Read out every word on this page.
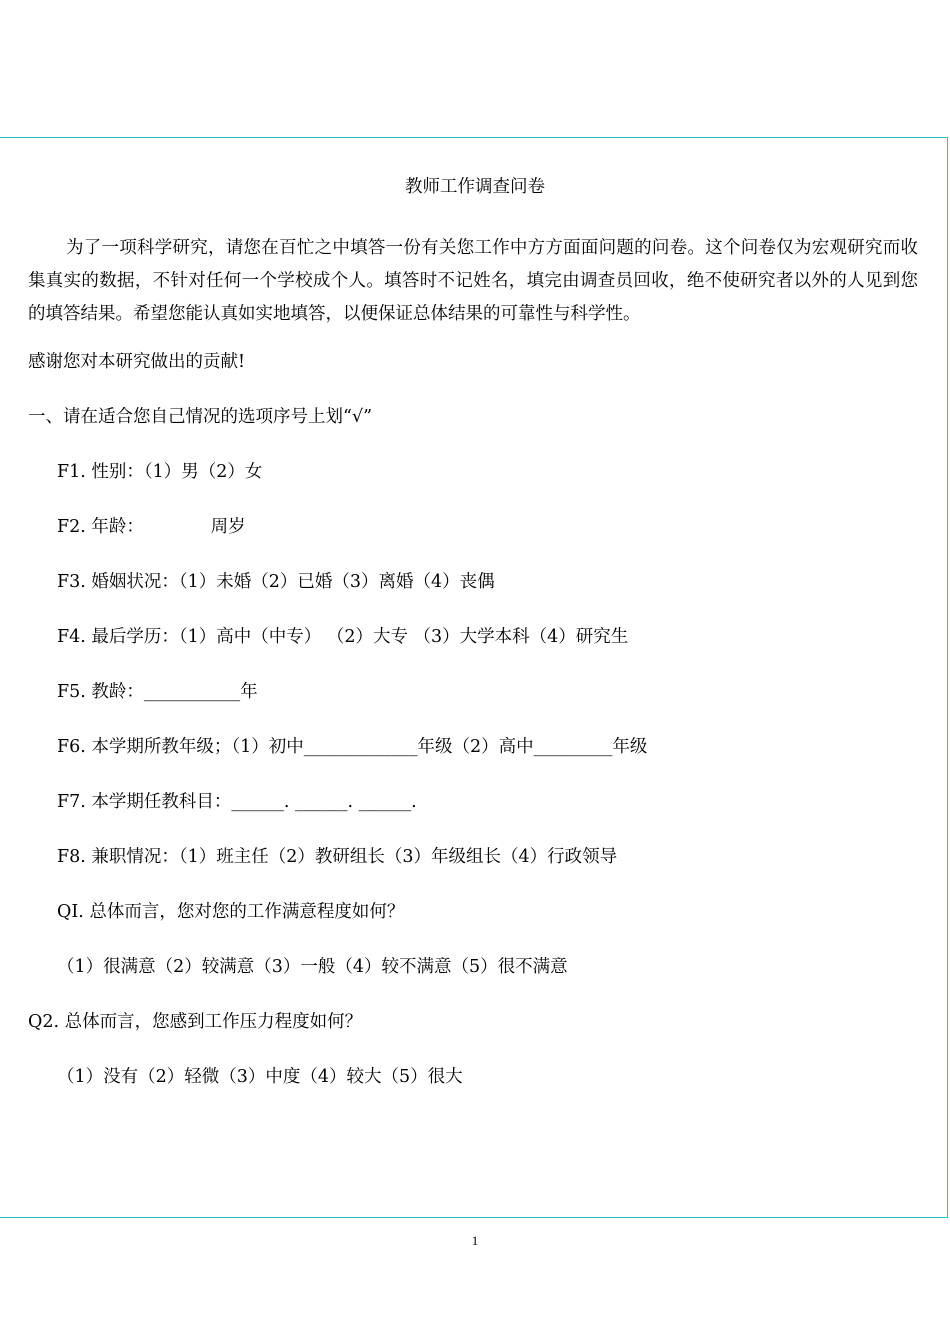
教师工作调查问卷
为了一项科学研究，请您在百忙之中填答一份有关您工作中方方面面问题的问卷。这个问卷仅为宏观研究而收集真实的数据，不针对任何一个学校成个人。填答时不记姓名，填完由调查员回收，绝不使研究者以外的人见到您的填答结果。希望您能认真如实地填答，以便保证总体结果的可靠性与科学性。
感谢您对本研究做出的贡献!
一、请在适合您自己情况的选项序号上划“√”
F1. 性别：（1）男（2）女
F2. 年龄：            周岁
F3. 婚姻状况：（1）未婚（2）已婚（3）离婚（4）丧偶
F4. 最后学历：（1）高中（中专） （2）大专 （3）大学本科（4）研究生
F5. 教龄：___________年
F6. 本学期所教年级；（1）初中_____________年级（2）高中_________年级
F7. 本学期任教科目：______. ______. ______.
F8. 兼职情况：（1）班主任（2）教研组长（3）年级组长（4）行政领导
QI. 总体而言，您对您的工作满意程度如何？
（1）很满意（2）较满意（3）一般（4）较不满意（5）很不满意
Q2. 总体而言，您感到工作压力程度如何？
（1）没有（2）轻微（3）中度（4）较大（5）很大
1
